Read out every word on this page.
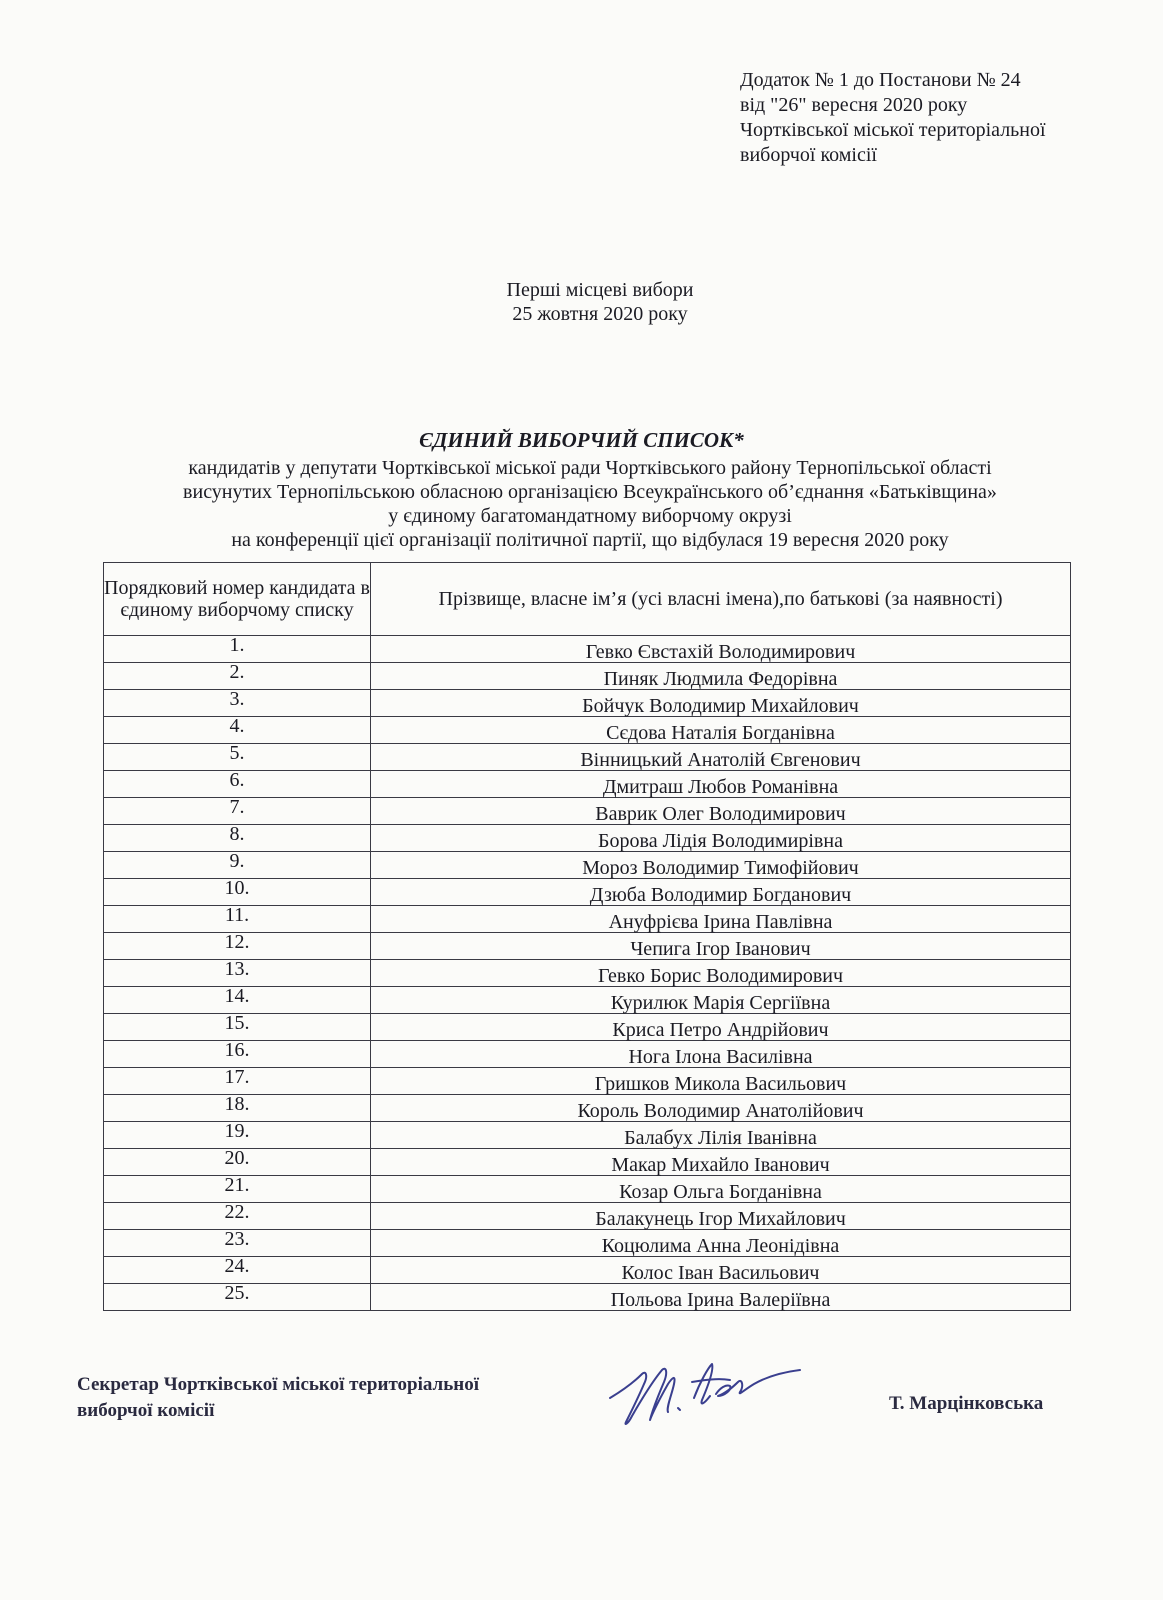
Додаток № 1 до Постанови № 24
від "26" вересня 2020 року
Чортківської міської територіальної
виборчої комісії
Перші місцеві вибори
25 жовтня 2020 року
ЄДИНИЙ ВИБОРЧИЙ СПИСОК*
кандидатів у депутати Чортківської міської ради Чортківського району Тернопільської області
висунутих Тернопільською обласною організацією Всеукраїнського об’єднання «Батьківщина»
у єдиному багатомандатному виборчому окрузі
на конференції цієї організації політичної партії, що відбулася 19 вересня 2020 року
Порядковий номер кандидата в єдиному виборчому списку	Прізвище, власне ім’я (усі власні імена),по батькові (за наявності)
1.	Гевко Євстахій Володимирович
2.	Пиняк Людмила Федорівна
3.	Бойчук Володимир Михайлович
4.	Сєдова Наталія Богданівна
5.	Вінницький Анатолій Євгенович
6.	Дмитраш Любов Романівна
7.	Ваврик Олег Володимирович
8.	Борова Лідія Володимирівна
9.	Мороз Володимир Тимофійович
10.	Дзюба Володимир Богданович
11.	Ануфрієва Ірина Павлівна
12.	Чепига Ігор Іванович
13.	Гевко Борис Володимирович
14.	Курилюк Марія Сергіївна
15.	Криса Петро Андрійович
16.	Нога Ілона Василівна
17.	Гришков Микола Васильович
18.	Король Володимир Анатолійович
19.	Балабух Лілія Іванівна
20.	Макар Михайло Іванович
21.	Козар Ольга Богданівна
22.	Балакунець Ігор Михайлович
23.	Коцюлима Анна Леонідівна
24.	Колос Іван Васильович
25.	Польова Ірина Валеріївна
Секретар Чортківської міської територіальної
виборчої комісії	Т. Марцінковська
